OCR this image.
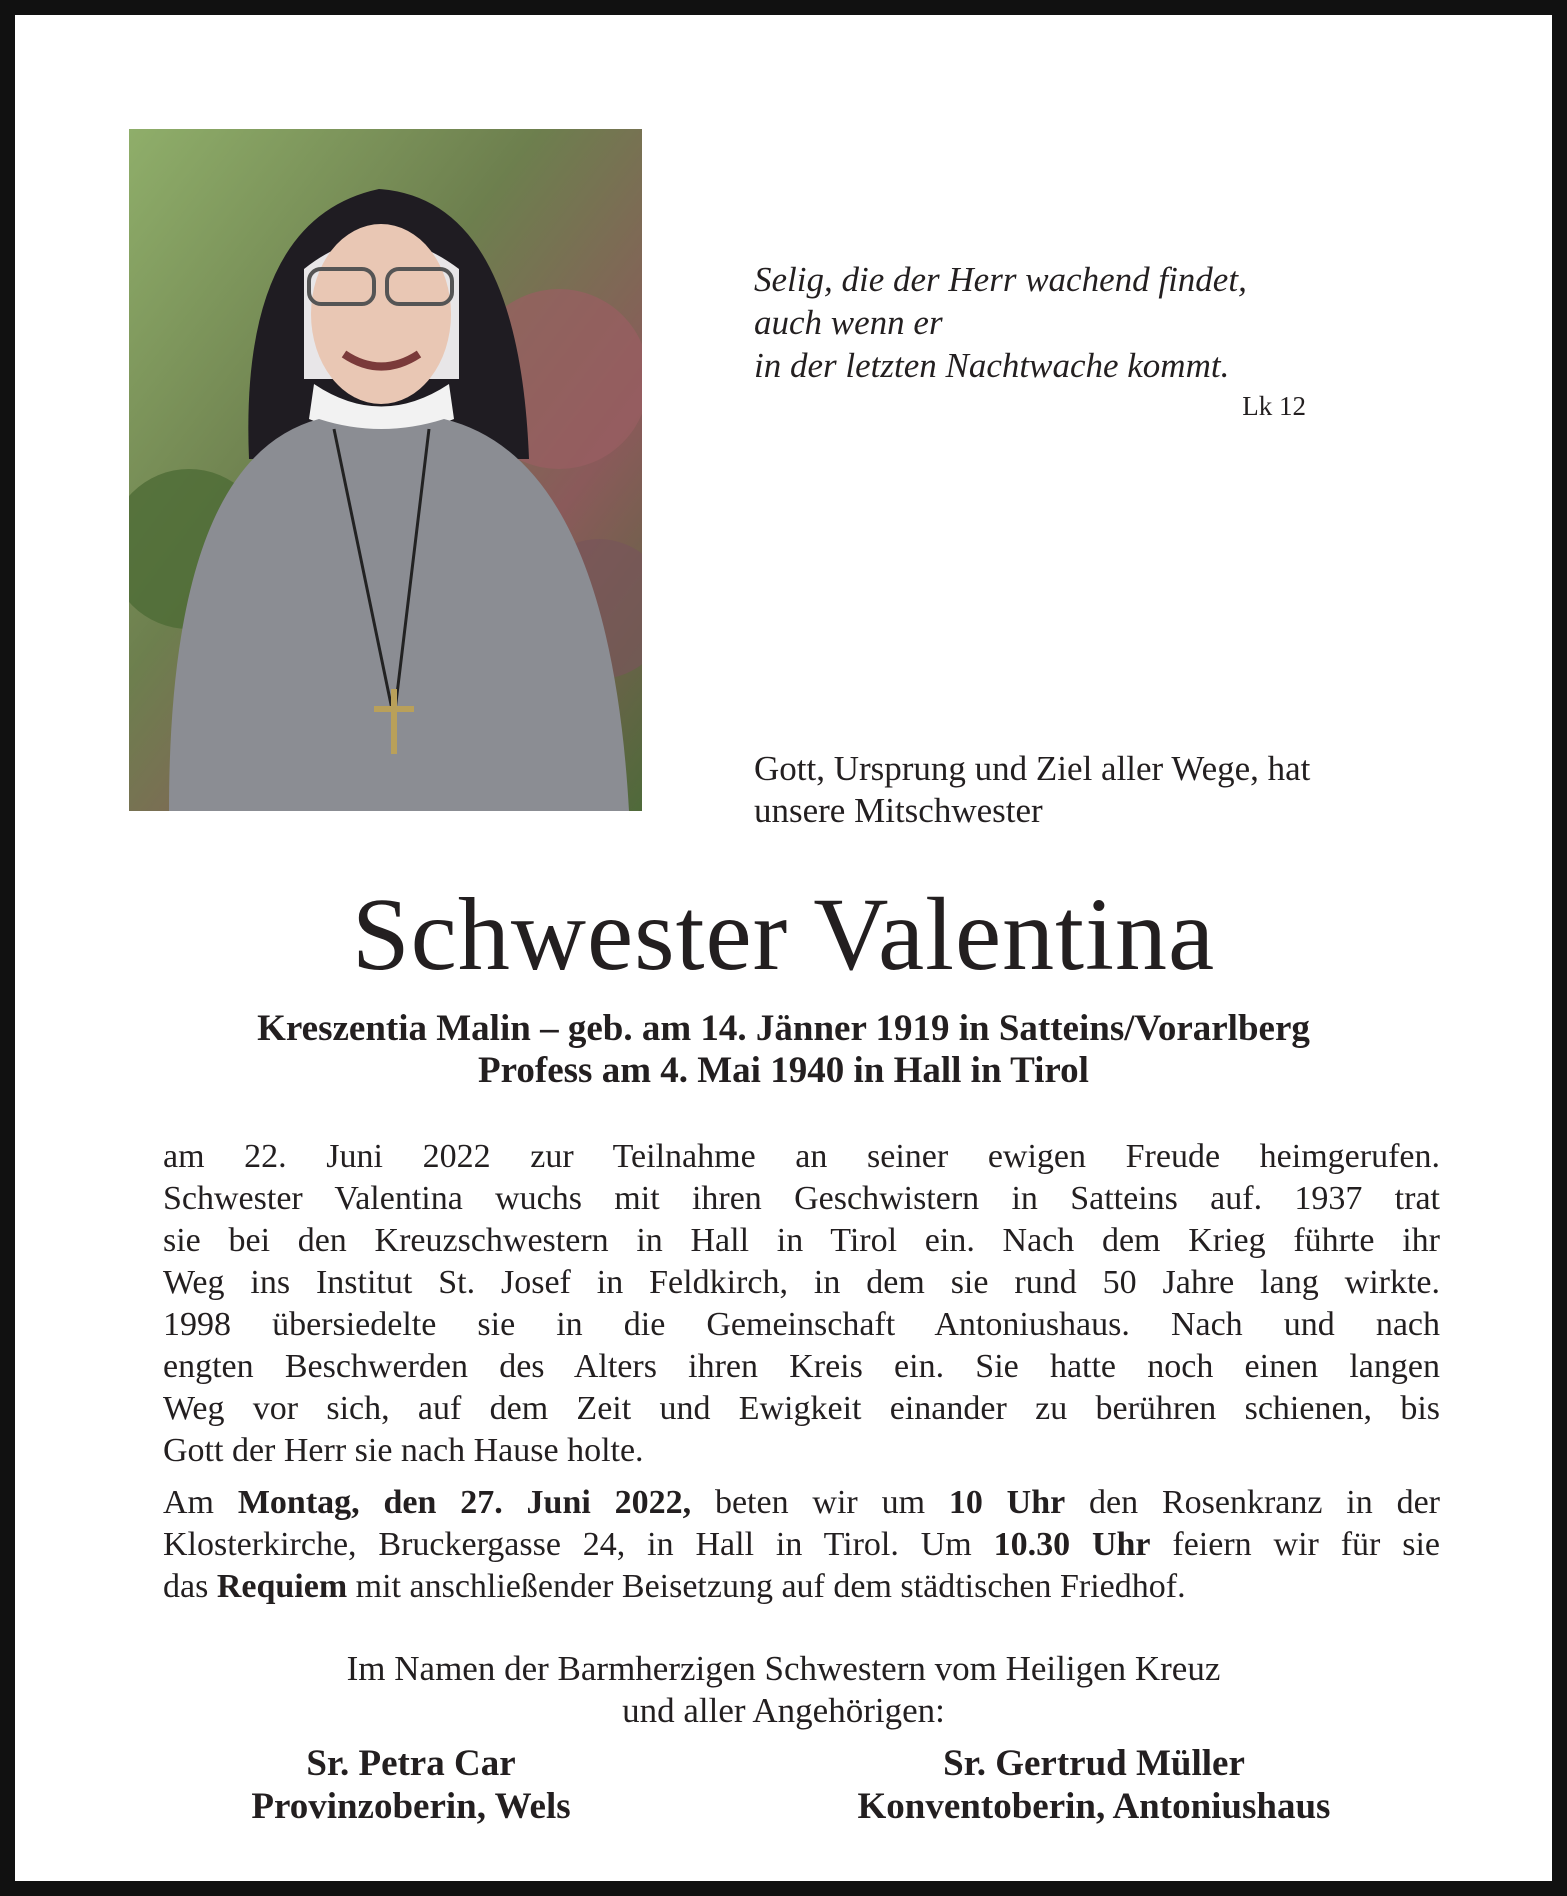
Selig, die der Herr wachend findet,
auch wenn er
in der letzten Nachtwache kommt.
Lk 12
Gott, Ursprung und Ziel aller Wege, hat
unsere Mitschwester
Schwester Valentina
Kreszentia Malin – geb. am 14. Jänner 1919 in Satteins/Vorarlberg
Profess am 4. Mai 1940 in Hall in Tirol
am 22. Juni 2022 zur Teilnahme an seiner ewigen Freude heimgerufen.
Schwester Valentina wuchs mit ihren Geschwistern in Satteins auf. 1937 trat
sie bei den Kreuzschwestern in Hall in Tirol ein. Nach dem Krieg führte ihr
Weg ins Institut St. Josef in Feldkirch, in dem sie rund 50 Jahre lang wirkte.
1998 übersiedelte sie in die Gemeinschaft Antoniushaus. Nach und nach
engten Beschwerden des Alters ihren Kreis ein. Sie hatte noch einen langen
Weg vor sich, auf dem Zeit und Ewigkeit einander zu berühren schienen, bis
Gott der Herr sie nach Hause holte.
Am Montag, den 27. Juni 2022, beten wir um 10 Uhr den Rosenkranz in der
Klosterkirche, Bruckergasse 24, in Hall in Tirol. Um 10.30 Uhr feiern wir für sie
das Requiem mit anschließender Beisetzung auf dem städtischen Friedhof.
Im Namen der Barmherzigen Schwestern vom Heiligen Kreuz
und aller Angehörigen:
Sr. Petra Car
Provinzoberin, Wels
Sr. Gertrud Müller
Konventoberin, Antoniushaus
